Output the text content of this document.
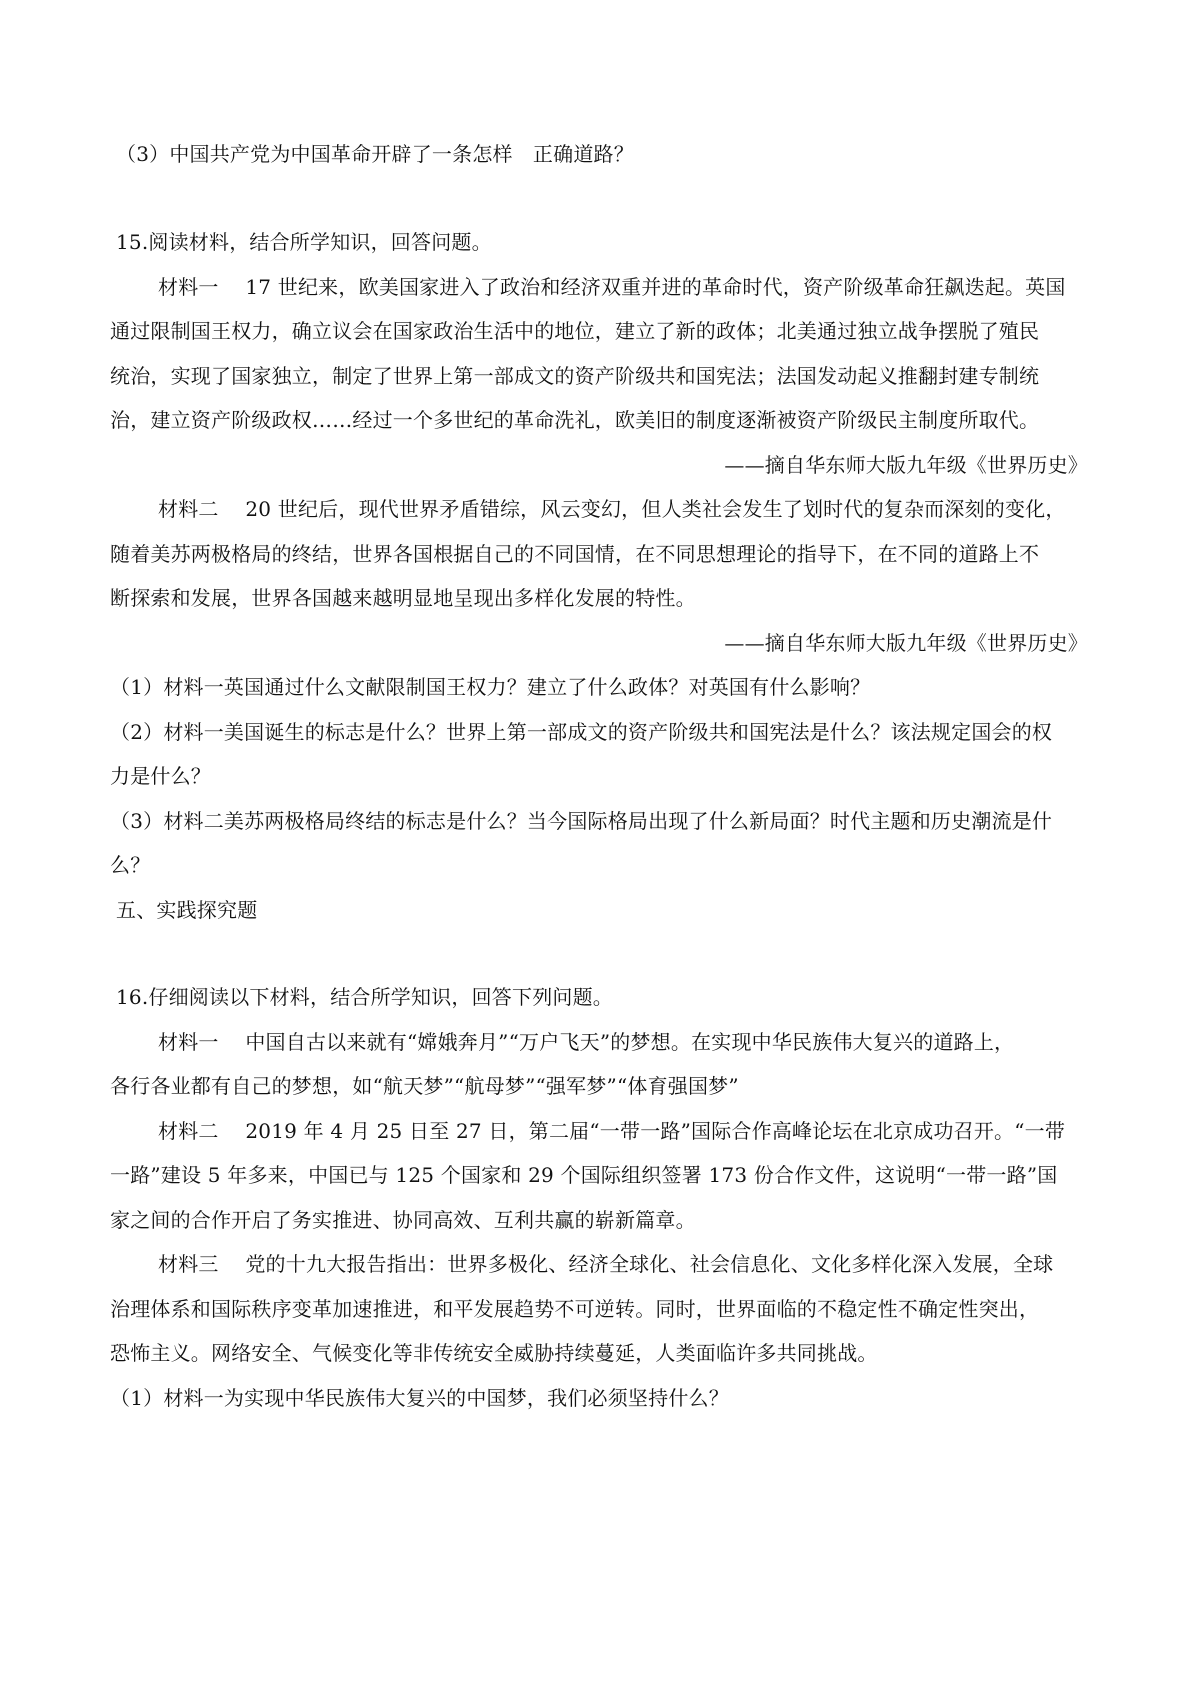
（3）中国共产党为中国革命开辟了一条怎样　正确道路？
15.阅读材料，结合所学知识，回答问题。
材料一　 17 世纪来，欧美国家进入了政治和经济双重并进的革命时代，资产阶级革命狂飙迭起。英国
通过限制国王权力，确立议会在国家政治生活中的地位，建立了新的政体；北美通过独立战争摆脱了殖民
统治，实现了国家独立，制定了世界上第一部成文的资产阶级共和国宪法；法国发动起义推翻封建专制统
治，建立资产阶级政权……经过一个多世纪的革命洗礼，欧美旧的制度逐渐被资产阶级民主制度所取代。
——摘自华东师大版九年级《世界历史》
材料二　 20 世纪后，现代世界矛盾错综，风云变幻，但人类社会发生了划时代的复杂而深刻的变化，
随着美苏两极格局的终结，世界各国根据自己的不同国情，在不同思想理论的指导下，在不同的道路上不
断探索和发展，世界各国越来越明显地呈现出多样化发展的特性。
——摘自华东师大版九年级《世界历史》
（1）材料一英国通过什么文献限制国王权力？建立了什么政体？对英国有什么影响？
（2）材料一美国诞生的标志是什么？世界上第一部成文的资产阶级共和国宪法是什么？该法规定国会的权
力是什么？
（3）材料二美苏两极格局终结的标志是什么？当今国际格局出现了什么新局面？时代主题和历史潮流是什
么？
五、实践探究题
16.仔细阅读以下材料，结合所学知识，回答下列问题。
材料一　 中国自古以来就有“嫦娥奔月”“万户飞天”的梦想。在实现中华民族伟大复兴的道路上，
各行各业都有自己的梦想，如“航天梦”“航母梦”“强军梦”“体育强国梦”
材料二　 2019 年 4 月 25 日至 27 日，第二届“一带一路”国际合作高峰论坛在北京成功召开。“一带
一路”建设 5 年多来，中国已与 125 个国家和 29 个国际组织签署 173 份合作文件，这说明“一带一路”国
家之间的合作开启了务实推进、协同高效、互利共赢的崭新篇章。
材料三　 党的十九大报告指出：世界多极化、经济全球化、社会信息化、文化多样化深入发展，全球
治理体系和国际秩序变革加速推进，和平发展趋势不可逆转。同时，世界面临的不稳定性不确定性突出，
恐怖主义。网络安全、气候变化等非传统安全威胁持续蔓延，人类面临许多共同挑战。
（1）材料一为实现中华民族伟大复兴的中国梦，我们必须坚持什么？
